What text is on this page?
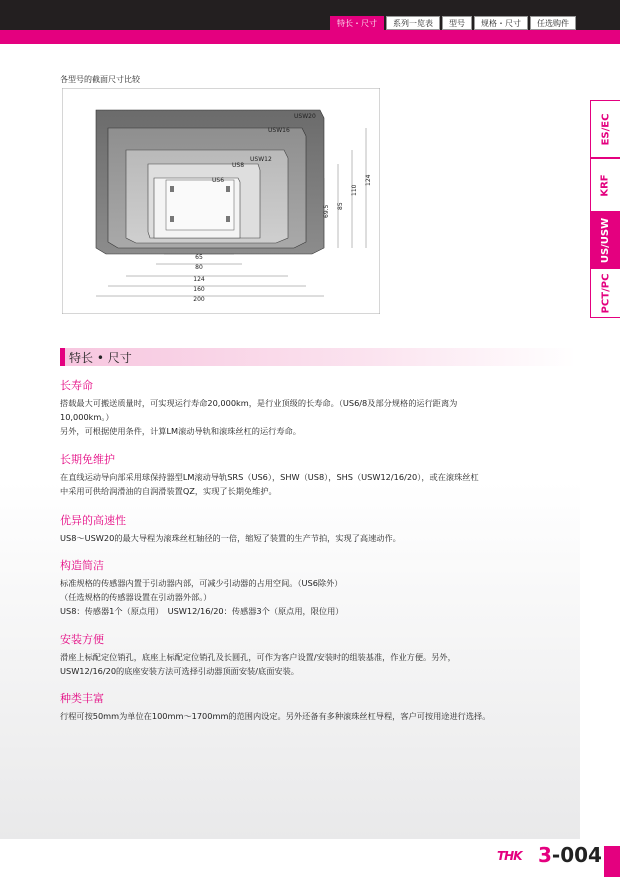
特长・尺寸	系列一览表	型号	规格・尺寸	任选购件
ES/EC
KRF
US/USW
PCT/PC
各型号的截面尺寸比较
USW20
USW16
USW12
US8
US6
65
80
124
160
200
69.5 85
110
124
特长 • 尺寸
长寿命
搭载最大可搬送质量时，可实现运行寿命20,000km，是行业顶级的长寿命。（US6/8及部分规格的运行距离为
10,000km。）
另外，可根据使用条件，计算LM滚动导轨和滚珠丝杠的运行寿命。
长期免维护
在直线运动导向部采用球保持器型LM滚动导轨SRS（US6），SHW（US8），SHS（USW12/16/20），或在滚珠丝杠
中采用可供给润滑油的自润滑装置QZ，实现了长期免维护。
优异的高速性
US8～USW20的最大导程为滚珠丝杠轴径的一倍，缩短了装置的生产节拍，实现了高速动作。
构造简洁
标准规格的传感器内置于引动器内部，可减少引动器的占用空间。（US6除外）
（任选规格的传感器设置在引动器外部。）
US8：传感器1个（原点用）　USW12/16/20：传感器3个（原点用，限位用）
安装方便
滑座上标配定位销孔，底座上标配定位销孔及长圆孔，可作为客户设置/安装时的组装基准，作业方便。另外，
USW12/16/20的底座安装方法可选择引动器顶面安装/底面安装。
种类丰富
行程可按50mm为单位在100mm～1700mm的范围内设定。另外还备有多种滚珠丝杠导程，客户可按用途进行选择。
THK 3-004
